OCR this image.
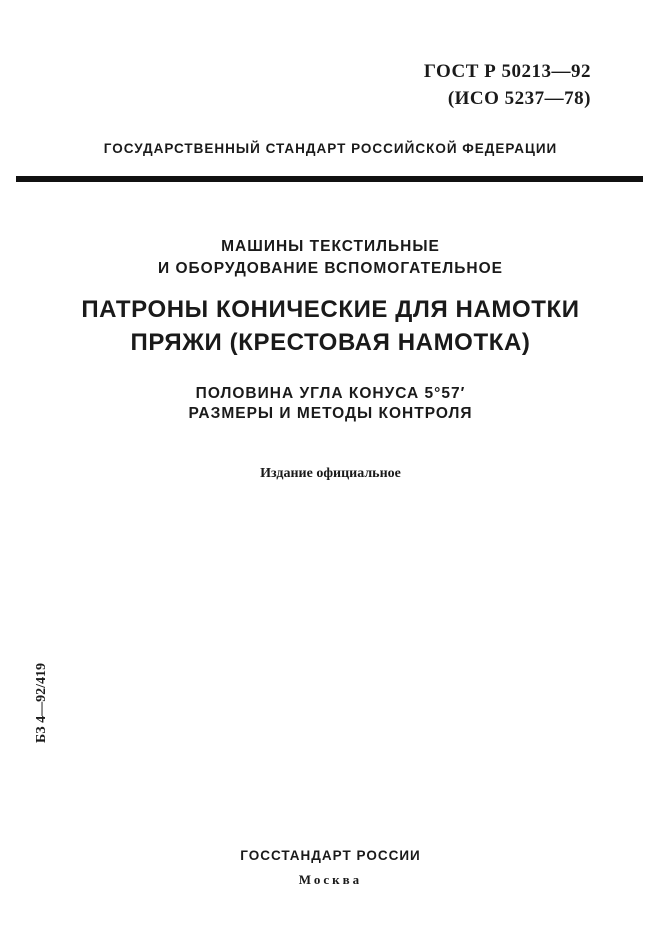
ГОСТ Р 50213—92
(ИСО 5237—78)
ГОСУДАРСТВЕННЫЙ СТАНДАРТ РОССИЙСКОЙ ФЕДЕРАЦИИ
МАШИНЫ ТЕКСТИЛЬНЫЕ
И ОБОРУДОВАНИЕ ВСПОМОГАТЕЛЬНОЕ
ПАТРОНЫ КОНИЧЕСКИЕ ДЛЯ НАМОТКИ
ПРЯЖИ (КРЕСТОВАЯ НАМОТКА)
ПОЛОВИНА УГЛА КОНУСА 5°57′
РАЗМЕРЫ И МЕТОДЫ КОНТРОЛЯ
Издание официальное
БЗ 4—92/419
ГОССТАНДАРТ РОССИИ
Москва
